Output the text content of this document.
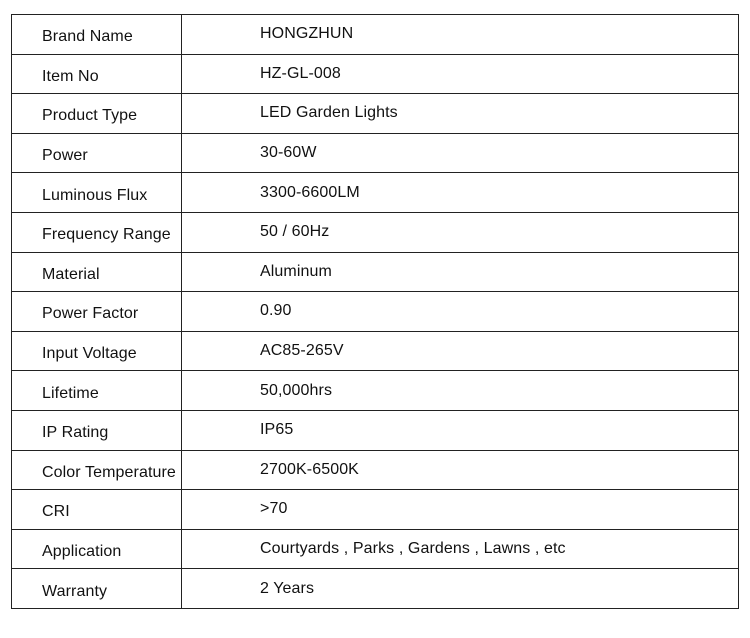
Brand Name	HONGZHUN
Item No	HZ-GL-008
Product Type	LED Garden Lights
Power	30-60W
Luminous Flux	3300-6600LM
Frequency Range	50 / 60Hz
Material	Aluminum
Power Factor	0.90
Input Voltage	AC85-265V
Lifetime	50,000hrs
IP Rating	IP65
Color Temperature	2700K-6500K
CRI	>70
Application	Courtyards , Parks , Gardens , Lawns , etc
Warranty	2 Years
